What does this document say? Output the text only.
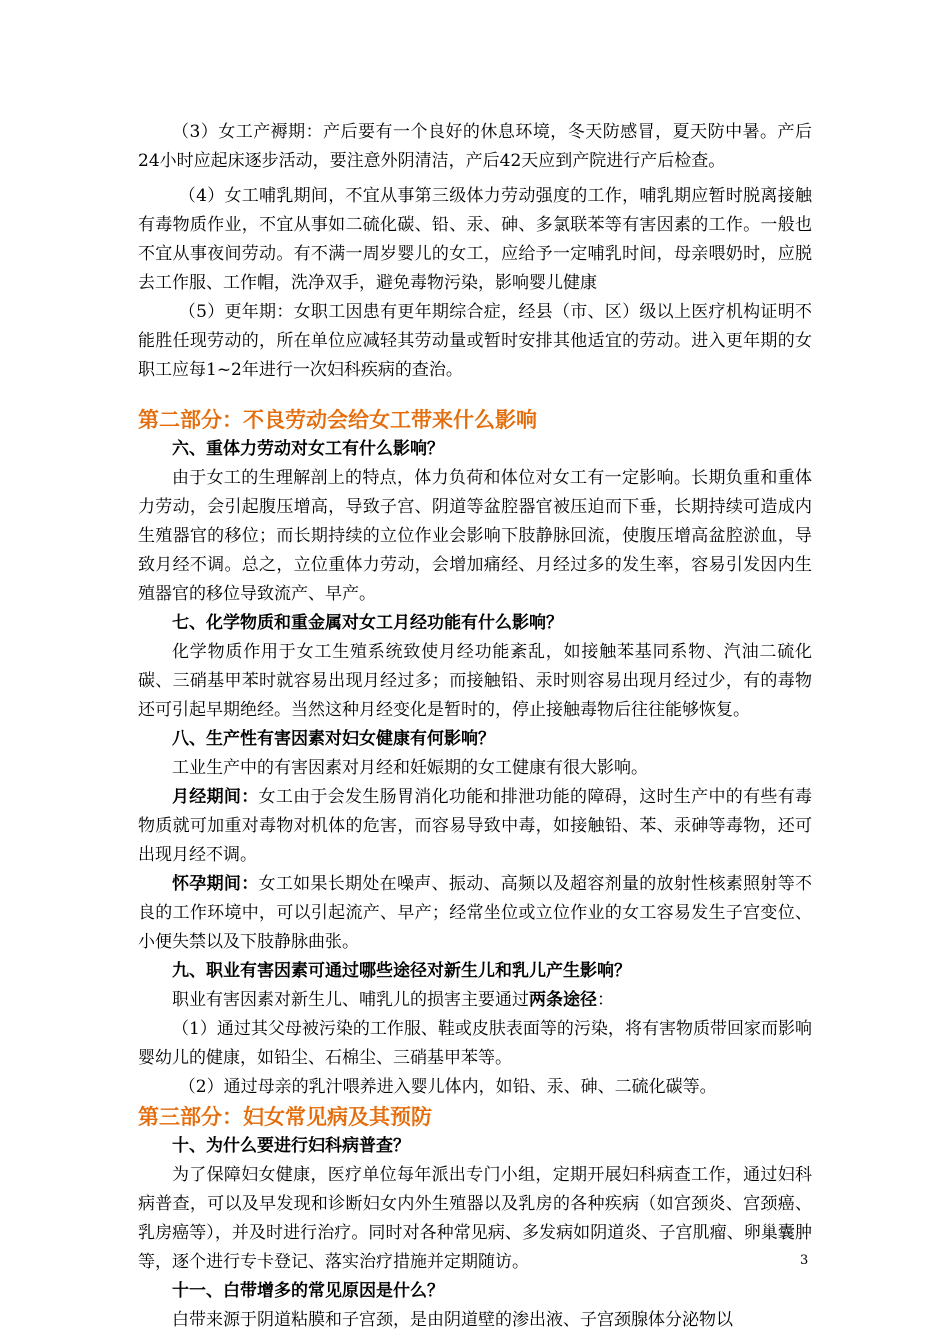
（3）女工产褥期：产后要有一个良好的休息环境，冬天防感冒，夏天防中暑。产后24小时应起床逐步活动，要注意外阴清洁，产后42天应到产院进行产后检查。

（4）女工哺乳期间，不宜从事第三级体力劳动强度的工作，哺乳期应暂时脱离接触有毒物质作业，不宜从事如二硫化碳、铅、汞、砷、多氯联苯等有害因素的工作。一般也不宜从事夜间劳动。有不满一周岁婴儿的女工，应给予一定哺乳时间，母亲喂奶时，应脱去工作服、工作帽，洗净双手，避免毒物污染，影响婴儿健康

（5）更年期：女职工因患有更年期综合症，经县（市、区）级以上医疗机构证明不能胜任现劳动的，所在单位应减轻其劳动量或暂时安排其他适宜的劳动。进入更年期的女职工应每1~2年进行一次妇科疾病的查治。

第二部分：不良劳动会给女工带来什么影响
六、重体力劳动对女工有什么影响？

由于女工的生理解剖上的特点，体力负荷和体位对女工有一定影响。长期负重和重体力劳动，会引起腹压增高，导致子宫、阴道等盆腔器官被压迫而下垂，长期持续可造成内生殖器官的移位；而长期持续的立位作业会影响下肢静脉回流，使腹压增高盆腔淤血，导致月经不调。总之，立位重体力劳动，会增加痛经、月经过多的发生率，容易引发因内生殖器官的移位导致流产、早产。

七、化学物质和重金属对女工月经功能有什么影响？

化学物质作用于女工生殖系统致使月经功能紊乱，如接触苯基同系物、汽油二硫化碳、三硝基甲苯时就容易出现月经过多；而接触铅、汞时则容易出现月经过少，有的毒物还可引起早期绝经。当然这种月经变化是暂时的，停止接触毒物后往往能够恢复。

八、生产性有害因素对妇女健康有何影响？

工业生产中的有害因素对月经和妊娠期的女工健康有很大影响。

月经期间：女工由于会发生肠胃消化功能和排泄功能的障碍，这时生产中的有些有毒物质就可加重对毒物对机体的危害，而容易导致中毒，如接触铅、苯、汞砷等毒物，还可出现月经不调。

怀孕期间：女工如果长期处在噪声、振动、高频以及超容剂量的放射性核素照射等不良的工作环境中，可以引起流产、早产；经常坐位或立位作业的女工容易发生子宫变位、小便失禁以及下肢静脉曲张。

九、职业有害因素可通过哪些途径对新生儿和乳儿产生影响？

职业有害因素对新生儿、哺乳儿的损害主要通过两条途径：

（1）通过其父母被污染的工作服、鞋或皮肤表面等的污染，将有害物质带回家而影响婴幼儿的健康，如铅尘、石棉尘、三硝基甲苯等。

（2）通过母亲的乳汁喂养进入婴儿体内，如铅、汞、砷、二硫化碳等。

第三部分：妇女常见病及其预防
十、为什么要进行妇科病普查？

为了保障妇女健康，医疗单位每年派出专门小组，定期开展妇科病查工作，通过妇科病普查，可以及早发现和诊断妇女内外生殖器以及乳房的各种疾病（如宫颈炎、宫颈癌、乳房癌等），并及时进行治疗。同时对各种常见病、多发病如阴道炎、子宫肌瘤、卵巢囊肿等，逐个进行专卡登记、落实治疗措施并定期随访。

十一、白带增多的常见原因是什么？

白带来源于阴道粘膜和子宫颈，是由阴道壁的渗出液、子宫颈腺体分泌物以

3
